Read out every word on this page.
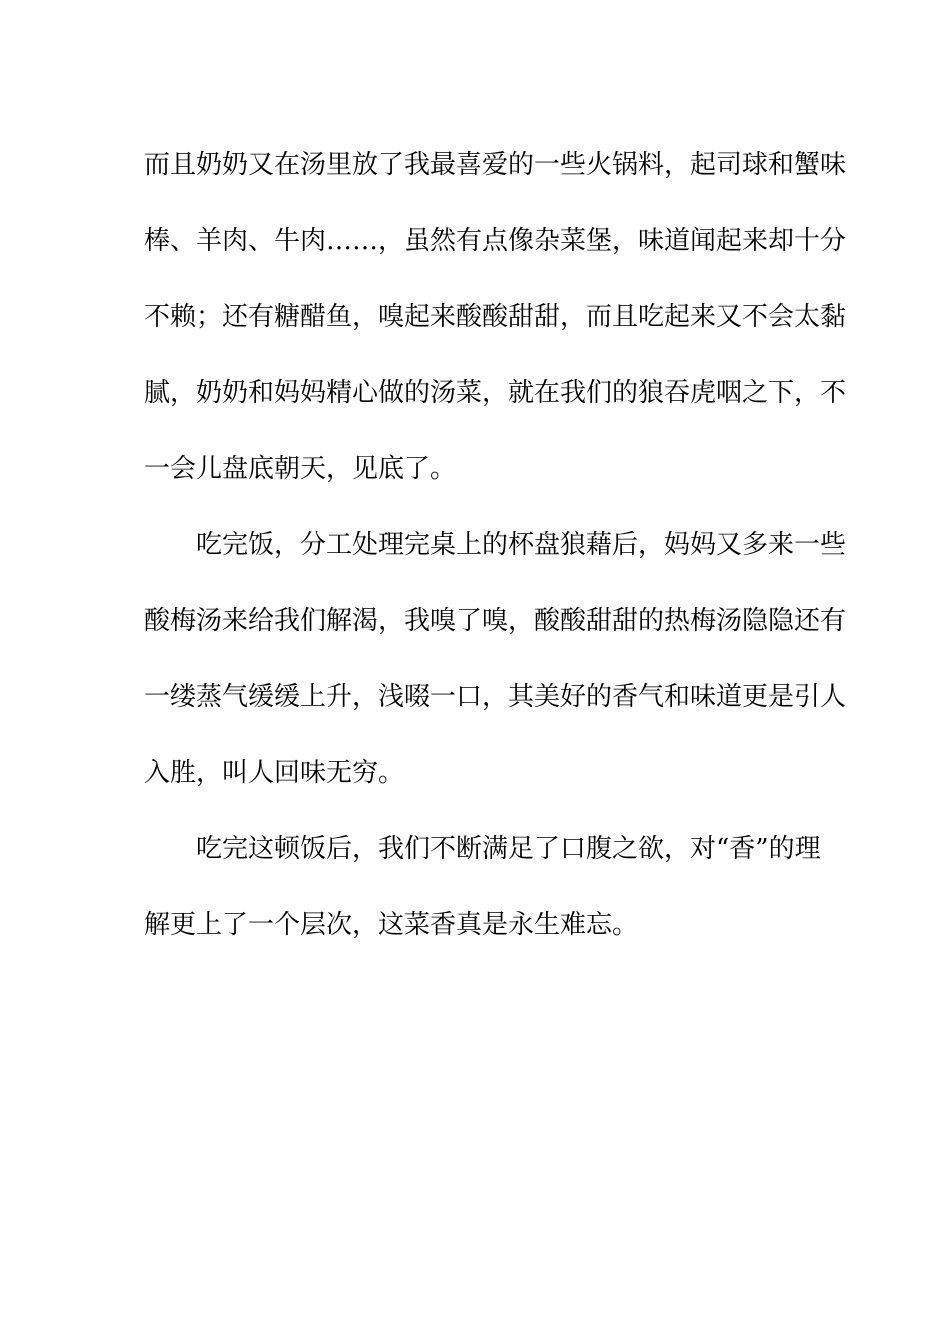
而且奶奶又在汤里放了我最喜爱的一些火锅料，起司球和蟹味
棒、羊肉、牛肉……，虽然有点像杂菜堡，味道闻起来却十分
不赖；还有糖醋鱼，嗅起来酸酸甜甜，而且吃起来又不会太黏
腻，奶奶和妈妈精心做的汤菜，就在我们的狼吞虎咽之下，不
一会儿盘底朝天，见底了。
吃完饭，分工处理完桌上的杯盘狼藉后，妈妈又多来一些
酸梅汤来给我们解渴，我嗅了嗅，酸酸甜甜的热梅汤隐隐还有
一缕蒸气缓缓上升，浅啜一口，其美好的香气和味道更是引人
入胜，叫人回味无穷。
吃完这顿饭后，我们不断满足了口腹之欲，对“香”的理
解更上了一个层次，这菜香真是永生难忘。
